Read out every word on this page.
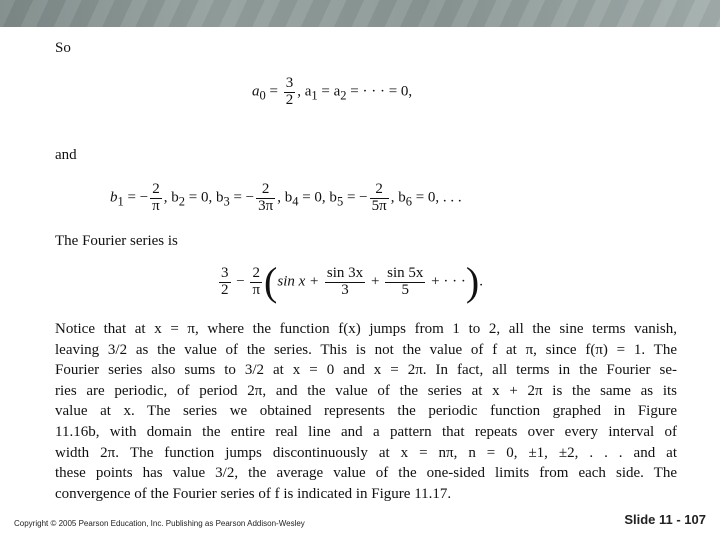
So
$a_0 = \frac{3}{2}$ , $a_1 = a_2$ = · · · = 0,
and
$b_1$ = − $\frac{2}{\pi}$ , $b_2 = 0$, $b_3$ = − $\frac{2}{3\pi}$ , $b_4 = 0$, $b_5$ = − $\frac{2}{5\pi}$ , $b_6 = 0$, . . .
The Fourier series is
$\frac{3}{2} - \frac{2}{\pi} (\sin$ $x + \frac{\sin 3x}{3} + \frac{\sin 5x}{5}$ + · · ·).
Notice that at x = π, where the function f(x) jumps from 1 to 2, all the sine terms vanish,
leaving 3/2 as the value of the series. This is not the value of f at π, since f(π) = 1. The
Fourier series also sums to 3/2 at x = 0 and x = 2π. In fact, all terms in the Fourier se-
ries are periodic, of period 2π, and the value of the series at x + 2π is the same as its
value at x. The series we obtained represents the periodic function graphed in Figure
11.16b, with domain the entire real line and a pattern that repeats over every interval of
width 2π. The function jumps discontinuously at x = nπ, n = 0, ±1, ±2, . . . and at
these points has value 3/2, the average value of the one-sided limits from each side. The
convergence of the Fourier series of f is indicated in Figure 11.17.
Copyright © 2005 Pearson Education, Inc. Publishing as Pearson Addison-Wesley	Slide 11 - 107
